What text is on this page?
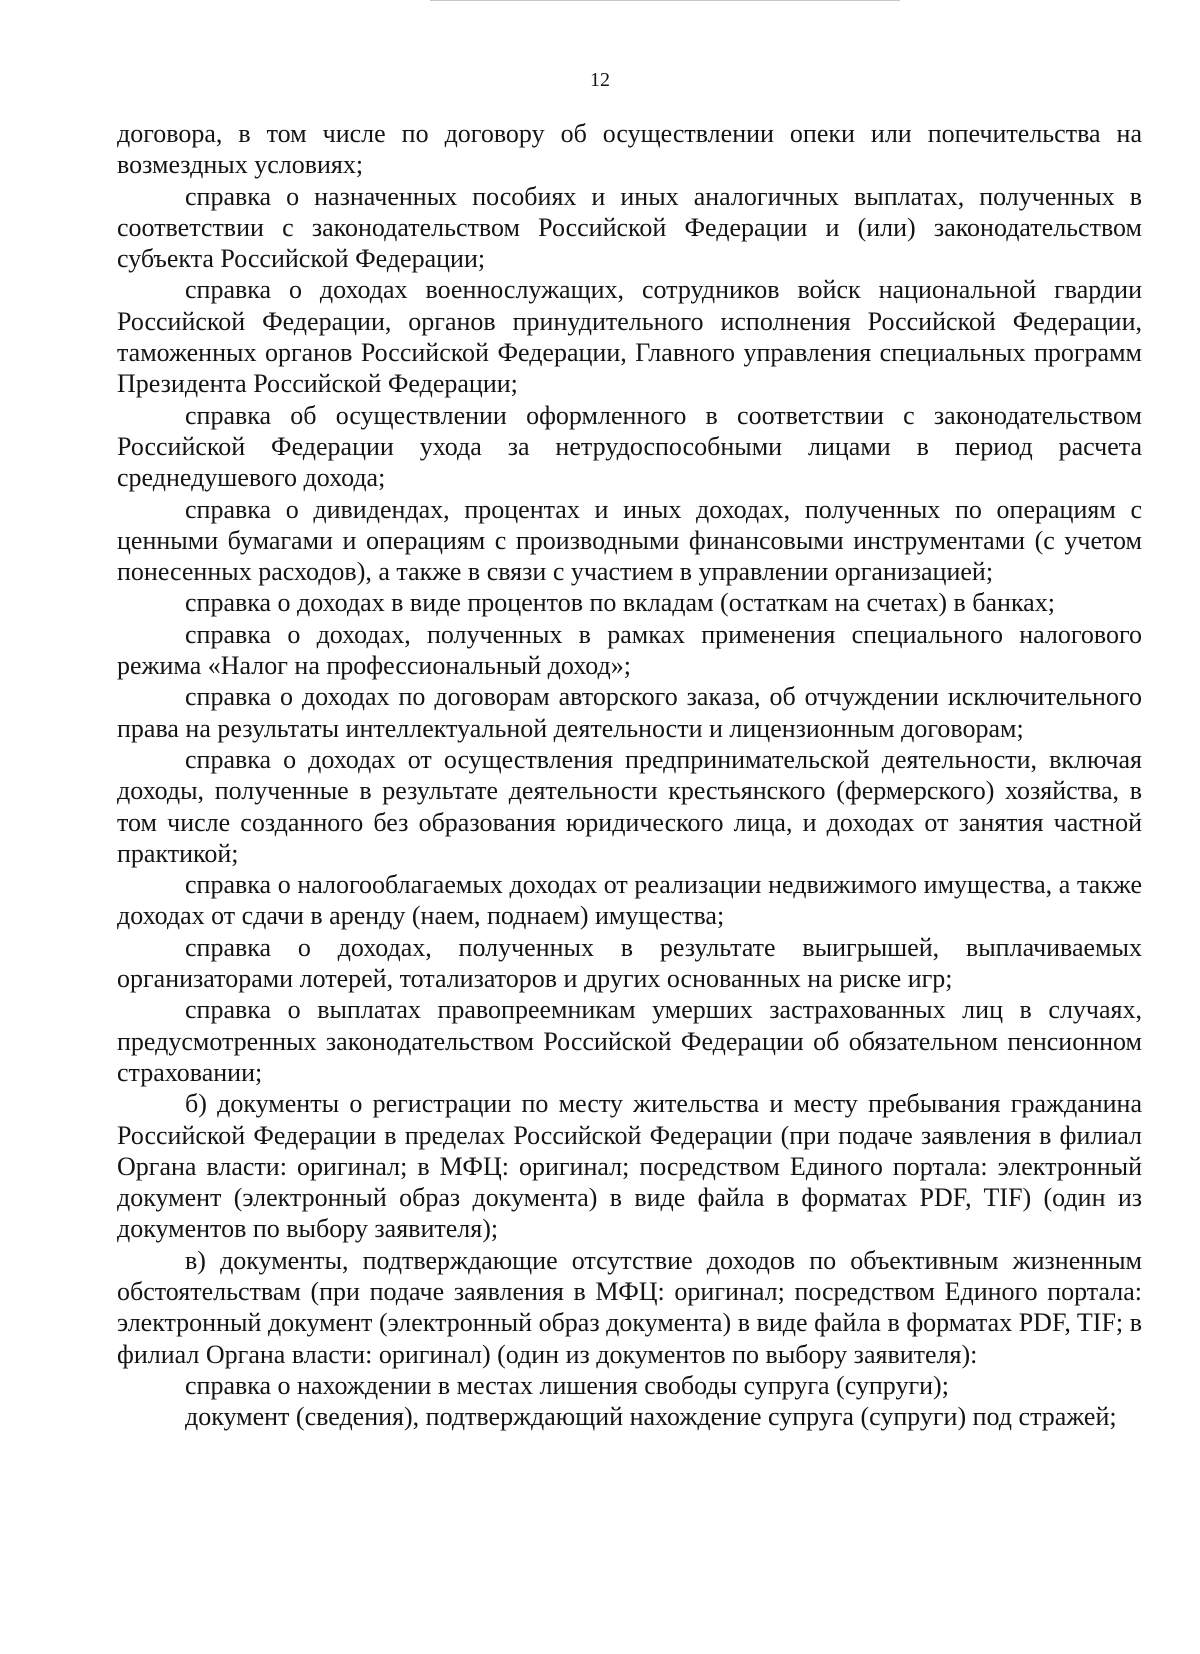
12

договора, в том числе по договору об осуществлении опеки или попечительства на возмездных условиях;

справка о назначенных пособиях и иных аналогичных выплатах, полученных в соответствии с законодательством Российской Федерации и (или) законодательством субъекта Российской Федерации;

справка о доходах военнослужащих, сотрудников войск национальной гвардии Российской Федерации, органов принудительного исполнения Российской Федерации, таможенных органов Российской Федерации, Главного управления специальных программ Президента Российской Федерации;

справка об осуществлении оформленного в соответствии с законодательством Российской Федерации ухода за нетрудоспособными лицами в период расчета среднедушевого дохода;

справка о дивидендах, процентах и иных доходах, полученных по операциям с ценными бумагами и операциям с производными финансовыми инструментами (с учетом понесенных расходов), а также в связи с участием в управлении организацией;

справка о доходах в виде процентов по вкладам (остаткам на счетах) в банках;

справка о доходах, полученных в рамках применения специального налогового режима «Налог на профессиональный доход»;

справка о доходах по договорам авторского заказа, об отчуждении исключительного права на результаты интеллектуальной деятельности и лицензионным договорам;

справка о доходах от осуществления предпринимательской деятельности, включая доходы, полученные в результате деятельности крестьянского (фермерского) хозяйства, в том числе созданного без образования юридического лица, и доходах от занятия частной практикой;

справка о налогооблагаемых доходах от реализации недвижимого имущества, а также доходах от сдачи в аренду (наем, поднаем) имущества;

справка о доходах, полученных в результате выигрышей, выплачиваемых организаторами лотерей, тотализаторов и других основанных на риске игр;

справка о выплатах правопреемникам умерших застрахованных лиц в случаях, предусмотренных законодательством Российской Федерации об обязательном пенсионном страховании;

б) документы о регистрации по месту жительства и месту пребывания гражданина Российской Федерации в пределах Российской Федерации (при подаче заявления в филиал Органа власти: оригинал; в МФЦ: оригинал; посредством Единого портала: электронный документ (электронный образ документа) в виде файла в форматах PDF, TIF) (один из документов по выбору заявителя);

в) документы, подтверждающие отсутствие доходов по объективным жизненным обстоятельствам (при подаче заявления в МФЦ: оригинал; посредством Единого портала: электронный документ (электронный образ документа) в виде файла в форматах PDF, TIF; в филиал Органа власти: оригинал) (один из документов по выбору заявителя):

справка о нахождении в местах лишения свободы супруга (супруги);

документ (сведения), подтверждающий нахождение супруга (супруги) под стражей;
